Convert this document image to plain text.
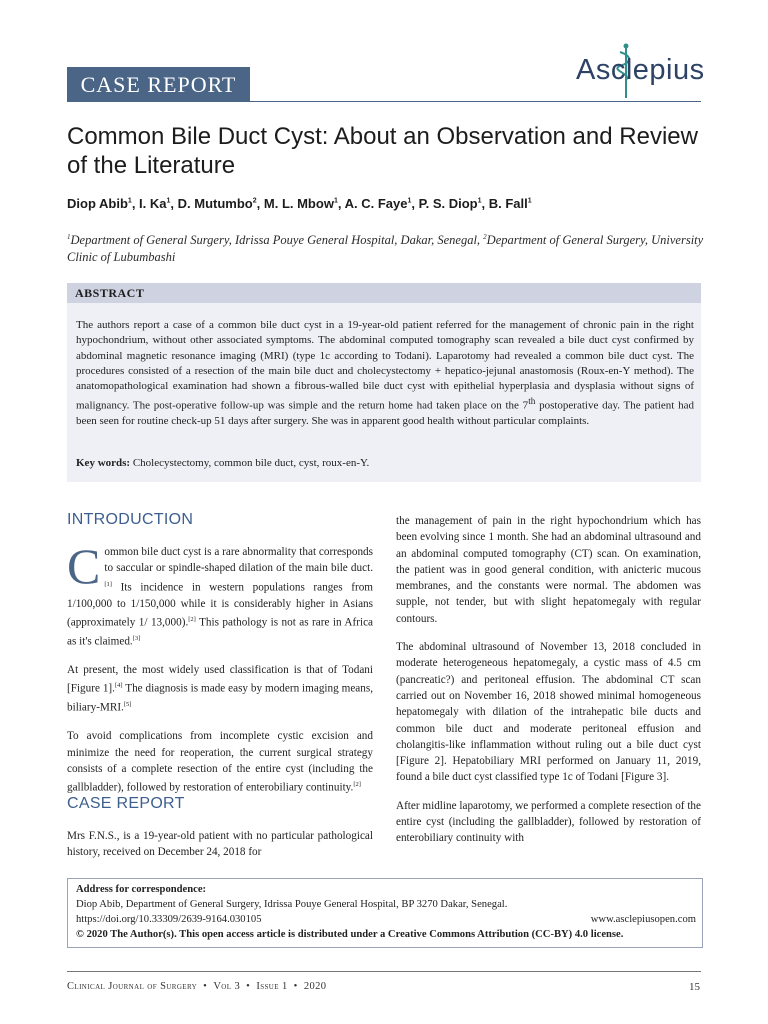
CASE REPORT	Asclepius
Common Bile Duct Cyst: About an Observation and Review of the Literature
Diop Abib$^1$, I. Ka$^1$, D. Mutumbo$^2$, M. L. Mbow$^1$, A. C. Faye$^1$, P. S. Diop$^1$, B. Fall$^1$
$^1$Department of General Surgery, Idrissa Pouye General Hospital, Dakar, Senegal, $^2$Department of General Surgery, University Clinic of Lubumbashi
ABSTRACT
The authors report a case of a common bile duct cyst in a 19-year-old patient referred for the management of chronic pain in the right hypochondrium, without other associated symptoms. The abdominal computed tomography scan revealed a bile duct cyst confirmed by abdominal magnetic resonance imaging (MRI) (type 1c according to Todani). Laparotomy had revealed a common bile duct cyst. The procedures consisted of a resection of the main bile duct and cholecystectomy + hepatico-jejunal anastomosis (Roux-en-Y method). The anatomopathological examination had shown a fibrous-walled bile duct cyst with epithelial hyperplasia and dysplasia without signs of malignancy. The post-operative follow-up was simple and the return home had taken place on the 7th postoperative day. The patient had been seen for routine check-up 51 days after surgery. She was in apparent good health without particular complaints.
Key words: Cholecystectomy, common bile duct, cyst, roux-en-Y.
INTRODUCTION

Common bile duct cyst is a rare abnormality that corresponds to saccular or spindle-shaped dilation of the main bile duct.[1] Its incidence in western populations ranges from 1/100,000 to 1/150,000 while it is considerably higher in Asians (approximately 1/ 13,000).[2] This pathology is not as rare in Africa as it's claimed.[3]

At present, the most widely used classification is that of Todani [Figure 1].[4] The diagnosis is made easy by modern imaging means, biliary-MRI.[5]

To avoid complications from incomplete cystic excision and minimize the need for reoperation, the current surgical strategy consists of a complete resection of the entire cyst (including the gallbladder), followed by restoration of enterobiliary continuity.[2]

CASE REPORT

Mrs F.N.S., is a 19-year-old patient with no particular pathological history, received on December 24, 2018 for

the management of pain in the right hypochondrium which has been evolving since 1 month. She had an abdominal ultrasound and an abdominal computed tomography (CT) scan. On examination, the patient was in good general condition, with anicteric mucous membranes, and the constants were normal. The abdomen was supple, not tender, but with slight hepatomegaly with regular contours.

The abdominal ultrasound of November 13, 2018 concluded in moderate heterogeneous hepatomegaly, a cystic mass of 4.5 cm (pancreatic?) and peritoneal effusion. The abdominal CT scan carried out on November 16, 2018 showed minimal homogeneous hepatomegaly with dilation of the intrahepatic bile ducts and common bile duct and moderate peritoneal effusion and cholangitis-like inflammation without ruling out a bile duct cyst [Figure 2]. Hepatobiliary MRI performed on January 11, 2019, found a bile duct cyst classified type 1c of Todani [Figure 3].

After midline laparotomy, we performed a complete resection of the entire cyst (including the gallbladder), followed by restoration of enterobiliary continuity with

Address for correspondence:
Diop Abib, Department of General Surgery, Idrissa Pouye General Hospital, BP 3270 Dakar, Senegal.
https://doi.org/10.33309/2639-9164.030105	www.asclepiusopen.com
© 2020 The Author(s). This open access article is distributed under a Creative Commons Attribution (CC-BY) 4.0 license.
Clinical Journal of Surgery • Vol 3 • Issue 1 • 2020	15
